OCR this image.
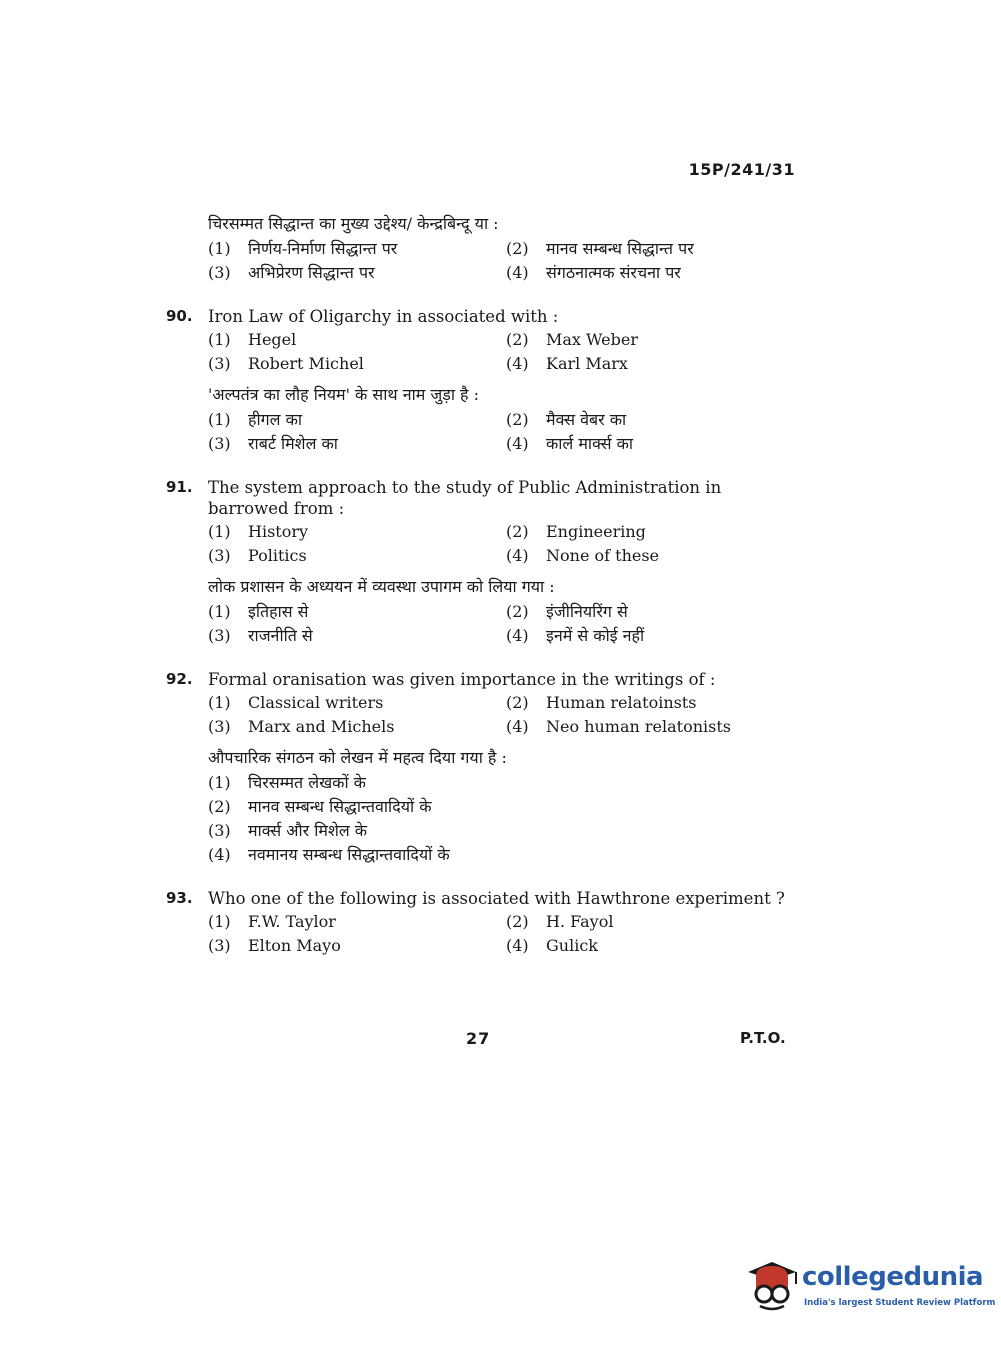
15P/241/31
चिरसम्मत सिद्धान्त का मुख्य उद्देश्य/ केन्द्रबिन्दू या :
(1)	निर्णय-निर्माण सिद्धान्त पर	(2)	मानव सम्बन्ध सिद्धान्त पर
(3)	अभिप्रेरण सिद्धान्त पर	(4)	संगठनात्मक संरचना पर
90. Iron Law of Oligarchy in associated with :
(1)	Hegel	(2)	Max Weber
(3)	Robert Michel	(4)	Karl Marx
'अल्पतंत्र का लौह नियम' के साथ नाम जुड़ा है :
(1)	हीगल का	(2)	मैक्स वेबर का
(3)	राबर्ट मिशेल का	(4)	कार्ल मार्क्स का
91. The system approach to the study of Public Administration in barrowed from :
(1)	History	(2)	Engineering
(3)	Politics	(4)	None of these
लोक प्रशासन के अध्ययन में व्यवस्था उपागम को लिया गया :
(1)	इतिहास से	(2)	इंजीनियरिंग से
(3)	राजनीति से	(4)	इनमें से कोई नहीं
92. Formal oranisation was given importance in the writings of :
(1)	Classical writers	(2)	Human relatoinsts
(3)	Marx and Michels	(4)	Neo human relatonists
औपचारिक संगठन को लेखन में महत्व दिया गया है :
(1)	चिरसम्मत लेखकों के
(2)	मानव सम्बन्ध सिद्धान्तवादियों के
(3)	मार्क्स और मिशेल के
(4)	नवमानय सम्बन्ध सिद्धान्तवादियों के
93. Who one of the following is associated with Hawthrone experiment ?
(1)	F.W. Taylor	(2)	H. Fayol
(3)	Elton Mayo	(4)	Gulick
27	P.T.O.
collegedunia
India's largest Student Review Platform
